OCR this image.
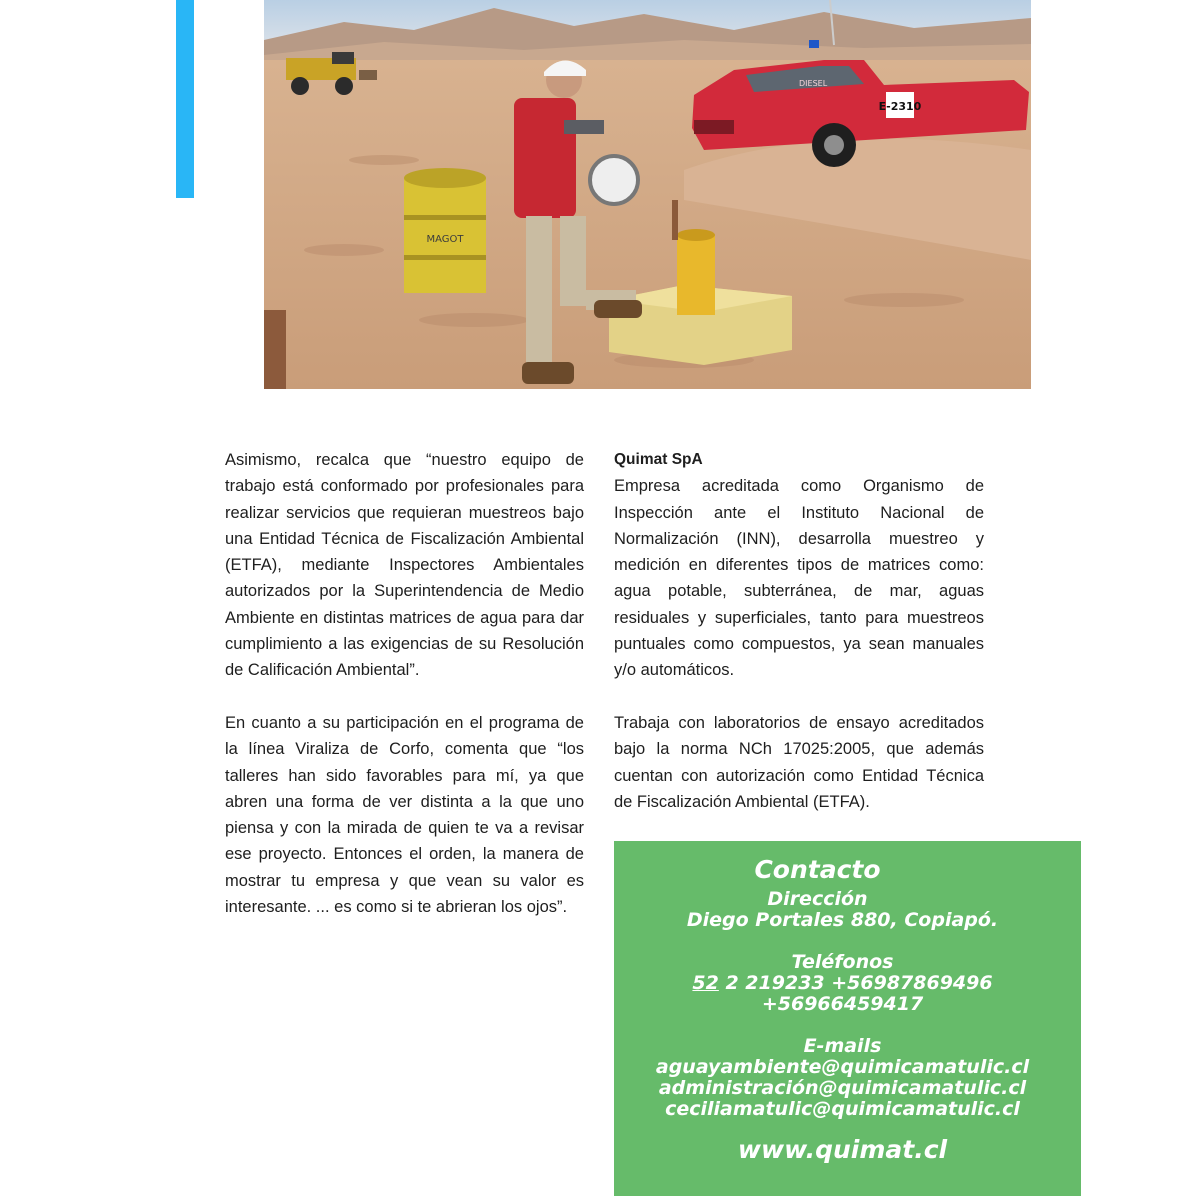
E-2310
DIESEL
MAGOT

Asimismo, recalca que “nuestro equipo de trabajo está conformado por profesionales para realizar servicios que requieran muestreos bajo una Entidad Técnica de Fiscalización Ambiental (ETFA), mediante Inspectores Ambientales autorizados por la Superintendencia de Medio Ambiente en distintas matrices de agua para dar cumplimiento a las exigencias de su Resolución de Calificación Ambiental”.

En cuanto a su participación en el programa de la línea Viraliza de Corfo, comenta que “los talleres han sido favorables para mí, ya que abren una forma de ver distinta a la que uno piensa y con la mirada de quien te va a revisar ese proyecto. Entonces el orden, la manera de mostrar tu empresa y que vean su valor es interesante. ... es como si te abrieran los ojos”.

Quimat SpA

Empresa acreditada como Organismo de Inspección ante el Instituto Nacional de Normalización (INN), desarrolla muestreo y medición en diferentes tipos de matrices como: agua potable, subterránea, de mar, aguas residuales y superficiales, tanto para muestreos puntuales como compuestos, ya sean manuales y/o automáticos.

Trabaja con laboratorios de ensayo acreditados bajo la norma NCh 17025:2005, que además cuentan con autorización como Entidad Técnica de Fiscalización Ambiental (ETFA).

Contacto
Dirección
Diego Portales 880, Copiapó.
Teléfonos
52 2 219233 +56987869496
+56966459417
E-mails
aguayambiente@quimicamatulic.cl
administración@quimicamatulic.cl
ceciliamatulic@quimicamatulic.cl
www.quimat.cl
